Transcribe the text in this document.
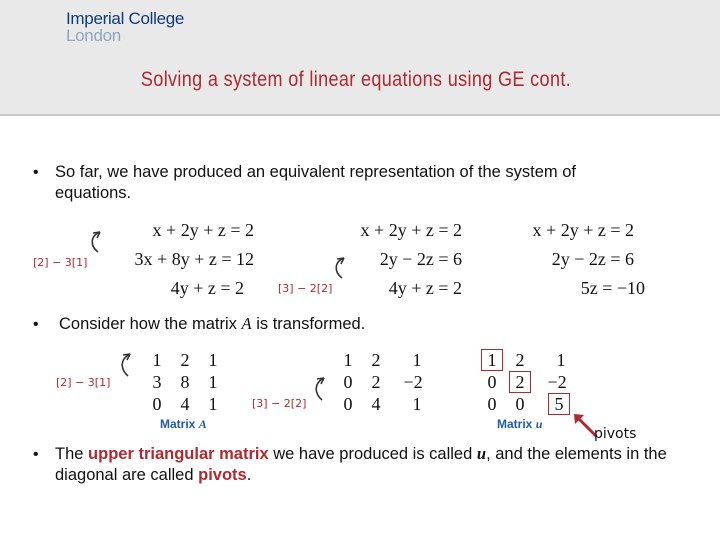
Imperial College
London
Solving a system of linear equations using GE cont.
• So far, we have produced an equivalent representation of the system of equations.
[2] − 3[1]
x + 2y + z = 2
3x + 8y + z = 12
4y + z = 2	[3] − 2[2]
x + 2y + z = 2
2y − 2z = 6
4y + z = 2
x + 2y + z = 2
2y − 2z = 6
5z = −10
• Consider how the matrix A is transformed.
[2] − 3[1]
1	2	1
3	8	1
0	4	1
Matrix A
[3] − 2[2]
1	2	1
0	2	−2
0	4	1
1	2	1
0	2	−2
0	0	5
Matrix u
pivots
• The upper triangular matrix we have produced is called u, and the elements in the diagonal are called pivots.
